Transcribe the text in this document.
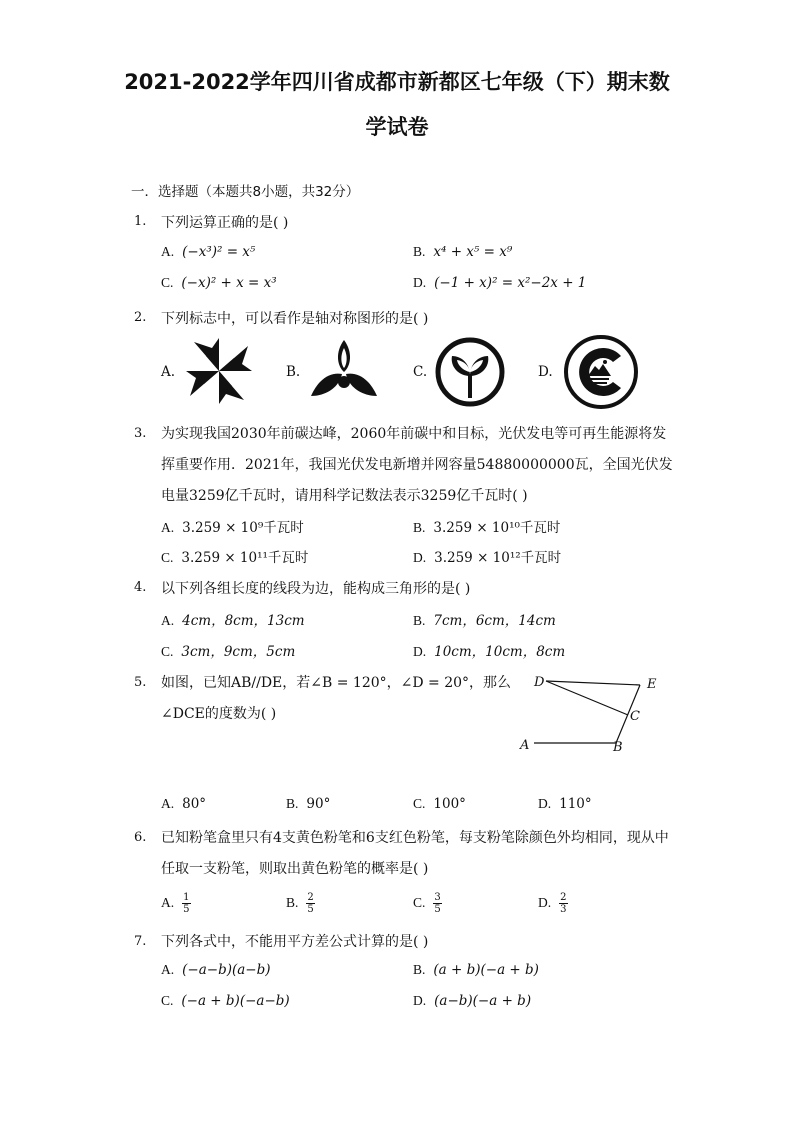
2021-2022学年四川省成都市新都区七年级（下）期末数
学试卷
一．选择题（本题共8小题，共32分）
1. 下列运算正确的是( )
A. (−x³)² = x⁵	B. x⁴ + x⁵ = x⁹
C. (−x)² + x = x³	D. (−1 + x)² = x²−2x + 1
2. 下列标志中，可以看作是轴对称图形的是( )
A.	B.	C.	D.
3. 为实现我国2030年前碳达峰，2060年前碳中和目标，光伏发电等可再生能源将发
挥重要作用．2021年，我国光伏发电新增并网容量54880000000瓦，全国光伏发
电量3259亿千瓦时，请用科学记数法表示3259亿千瓦时( )
A. 3.259 × 10⁹千瓦时	B. 3.259 × 10¹⁰千瓦时
C. 3.259 × 10¹¹千瓦时	D. 3.259 × 10¹²千瓦时
4. 以下列各组长度的线段为边，能构成三角形的是( )
A. 4cm，8cm，13cm	B. 7cm，6cm，14cm
C. 3cm，9cm，5cm	D. 10cm，10cm，8cm
5. 如图，已知AB//DE，若∠B = 120°，∠D = 20°，那么
∠DCE的度数为( )
D	E
C
A	B
A. 80°	B. 90°	C. 100°	D. 110°
6. 已知粉笔盒里只有4支黄色粉笔和6支红色粉笔，每支粉笔除颜色外均相同，现从中
任取一支粉笔，则取出黄色粉笔的概率是( )
A. $\frac{1}{5}$	B. $\frac{2}{5}$	C. $\frac{3}{5}$	D. $\frac{2}{3}$
7. 下列各式中，不能用平方差公式计算的是( )
A. (−a−b)(a−b)	B. (a + b)(−a + b)
C. (−a + b)(−a−b)	D. (a−b)(−a + b)
